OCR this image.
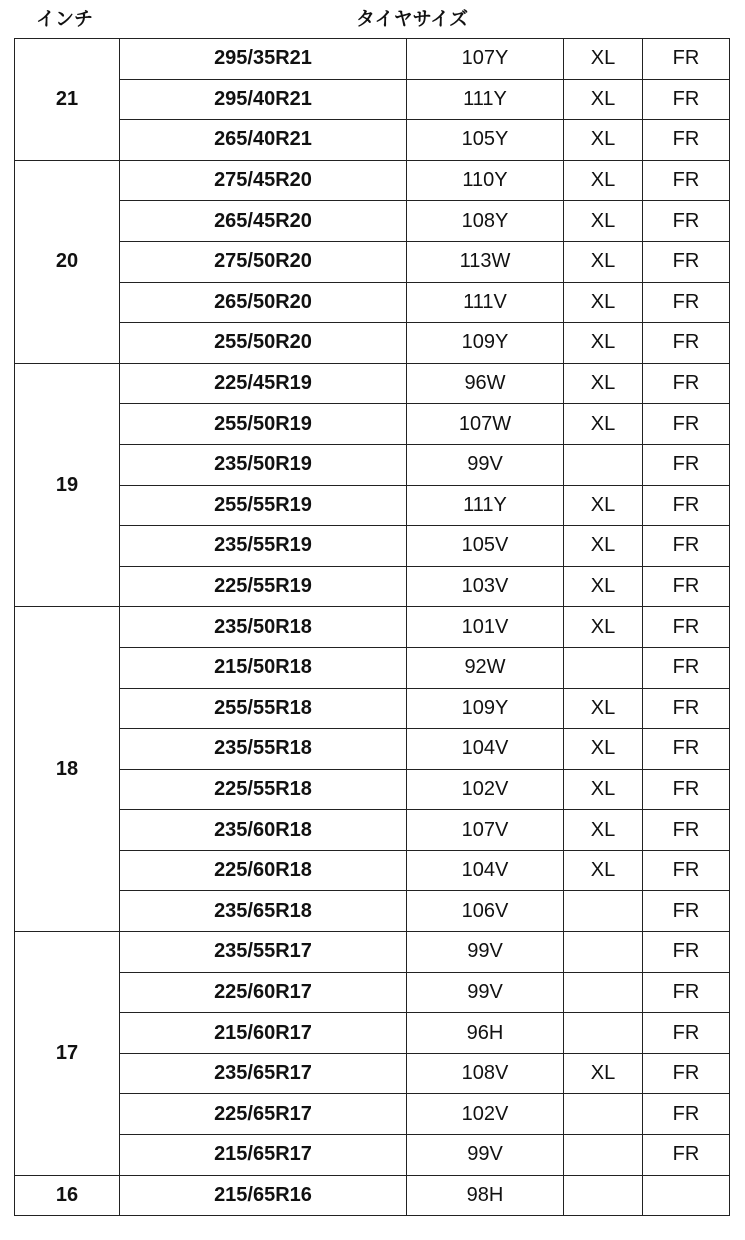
インチ	タイヤサイズ
21	295/35R21	107Y	XL	FR
	295/40R21	111Y	XL	FR
	265/40R21	105Y	XL	FR
20	275/45R20	110Y	XL	FR
	265/45R20	108Y	XL	FR
	275/50R20	113W	XL	FR
	265/50R20	111V	XL	FR
	255/50R20	109Y	XL	FR
19	225/45R19	96W	XL	FR
	255/50R19	107W	XL	FR
	235/50R19	99V		FR
	255/55R19	111Y	XL	FR
	235/55R19	105V	XL	FR
	225/55R19	103V	XL	FR
18	235/50R18	101V	XL	FR
	215/50R18	92W		FR
	255/55R18	109Y	XL	FR
	235/55R18	104V	XL	FR
	225/55R18	102V	XL	FR
	235/60R18	107V	XL	FR
	225/60R18	104V	XL	FR
	235/65R18	106V		FR
17	235/55R17	99V		FR
	225/60R17	99V		FR
	215/60R17	96H		FR
	235/65R17	108V	XL	FR
	225/65R17	102V		FR
	215/65R17	99V		FR
16	215/65R16	98H		
